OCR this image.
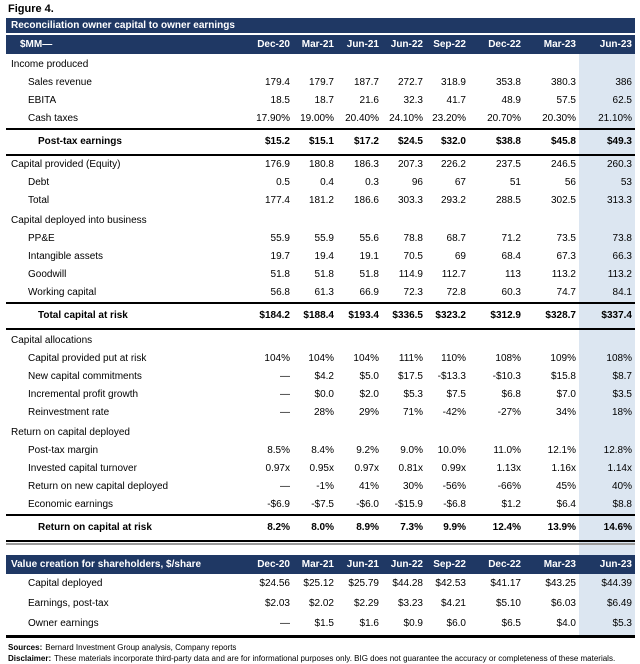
Figure 4.
Reconciliation owner capital to owner earnings
$MM—	Dec-20	Mar-21	Jun-21	Jun-22	Sep-22	Dec-22	Mar-23	Jun-23
Income produced								
Sales revenue	179.4	179.7	187.7	272.7	318.9	353.8	380.3	386
EBITA	18.5	18.7	21.6	32.3	41.7	48.9	57.5	62.5
Cash taxes	17.90%	19.00%	20.40%	24.10%	23.20%	20.70%	20.30%	21.10%
Post-tax earnings	$15.2	$15.1	$17.2	$24.5	$32.0	$38.8	$45.8	$49.3
Capital provided (Equity)	176.9	180.8	186.3	207.3	226.2	237.5	246.5	260.3
Debt	0.5	0.4	0.3	96	67	51	56	53
Total	177.4	181.2	186.6	303.3	293.2	288.5	302.5	313.3
Capital deployed into business								
PP&E	55.9	55.9	55.6	78.8	68.7	71.2	73.5	73.8
Intangible assets	19.7	19.4	19.1	70.5	69	68.4	67.3	66.3
Goodwill	51.8	51.8	51.8	114.9	112.7	113	113.2	113.2
Working capital	56.8	61.3	66.9	72.3	72.8	60.3	74.7	84.1
Total capital at risk	$184.2	$188.4	$193.4	$336.5	$323.2	$312.9	$328.7	$337.4
Capital allocations								
Capital provided put at risk	104%	104%	104%	111%	110%	108%	109%	108%
New capital commitments	—	$4.2	$5.0	$17.5	-$13.3	-$10.3	$15.8	$8.7
Incremental profit growth	—	$0.0	$2.0	$5.3	$7.5	$6.8	$7.0	$3.5
Reinvestment rate	—	28%	29%	71%	-42%	-27%	34%	18%
Return on capital deployed								
Post-tax margin	8.5%	8.4%	9.2%	9.0%	10.0%	11.0%	12.1%	12.8%
Invested capital turnover	0.97x	0.95x	0.97x	0.81x	0.99x	1.13x	1.16x	1.14x
Return on new capital deployed	—	-1%	41%	30%	-56%	-66%	45%	40%
Economic earnings	-$6.9	-$7.5	-$6.0	-$15.9	-$6.8	$1.2	$6.4	$8.8
Return on capital at risk	8.2%	8.0%	8.9%	7.3%	9.9%	12.4%	13.9%	14.6%
Value creation for shareholders, $/share	Dec-20	Mar-21	Jun-21	Jun-22	Sep-22	Dec-22	Mar-23	Jun-23
Capital deployed	$24.56	$25.12	$25.79	$44.28	$42.53	$41.17	$43.25	$44.39
Earnings, post-tax	$2.03	$2.02	$2.29	$3.23	$4.21	$5.10	$6.03	$6.49
Owner earnings	—	$1.5	$1.6	$0.9	$6.0	$6.5	$4.0	$5.3
Sources: Bernard Investment Group analysis, Company reports
Disclaimer: These materials incorporate third-party data and are for informational purposes only. BIG does not guarantee the accuracy or completeness of these materials.
